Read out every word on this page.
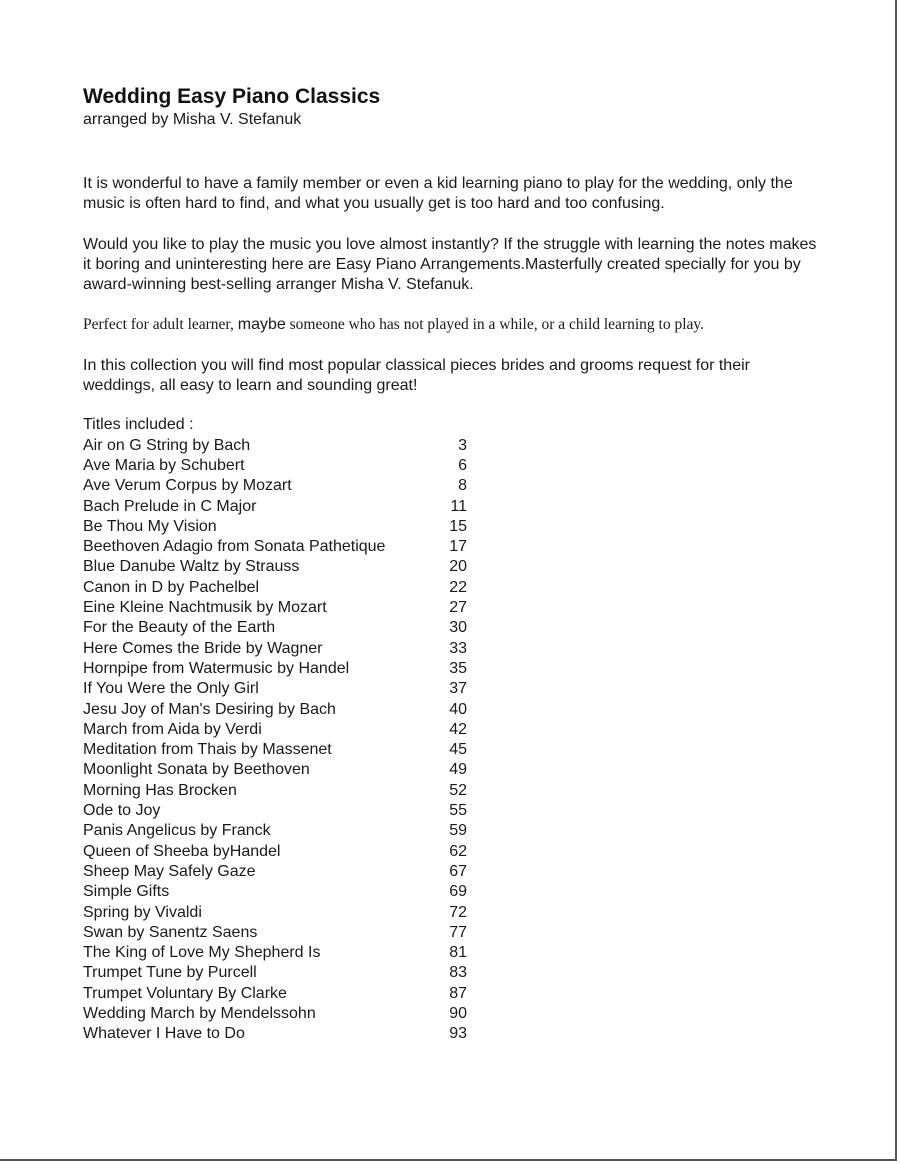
Wedding Easy Piano Classics

arranged by Misha V. Stefanuk

It is wonderful to have a family member or even a kid learning piano to play for the wedding, only the music is often hard to find, and what you usually get is too hard and too confusing.

Would you like to play the music you love almost instantly? If the struggle with learning the notes makes it boring and uninteresting here are Easy Piano Arrangements.Masterfully created specially for you by award-winning best-selling arranger Misha V. Stefanuk.

Perfect for adult learner, maybe someone who has not played in a while, or a child learning to play.

In this collection you will find most popular classical pieces brides and grooms request for their weddings, all easy to learn and sounding great!

Titles included :
Air on G String by Bach	3
Ave Maria by Schubert	6
Ave Verum Corpus by Mozart	8
Bach Prelude in C Major	11
Be Thou My Vision	15
Beethoven Adagio from Sonata Pathetique	17
Blue Danube Waltz by Strauss	20
Canon in D by Pachelbel	22
Eine Kleine Nachtmusik by Mozart	27
For the Beauty of the Earth	30
Here Comes the Bride by Wagner	33
Hornpipe from Watermusic by Handel	35
If You Were the Only Girl	37
Jesu Joy of Man's Desiring by Bach	40
March from Aida by Verdi	42
Meditation from Thais by Massenet	45
Moonlight Sonata by Beethoven	49
Morning Has Brocken	52
Ode to Joy	55
Panis Angelicus by Franck	59
Queen of Sheeba byHandel	62
Sheep May Safely Gaze	67
Simple Gifts	69
Spring by Vivaldi	72
Swan by Sanentz Saens	77
The King of Love My Shepherd Is	81
Trumpet Tune by Purcell	83
Trumpet Voluntary By Clarke	87
Wedding March by Mendelssohn	90
Whatever I Have to Do	93
